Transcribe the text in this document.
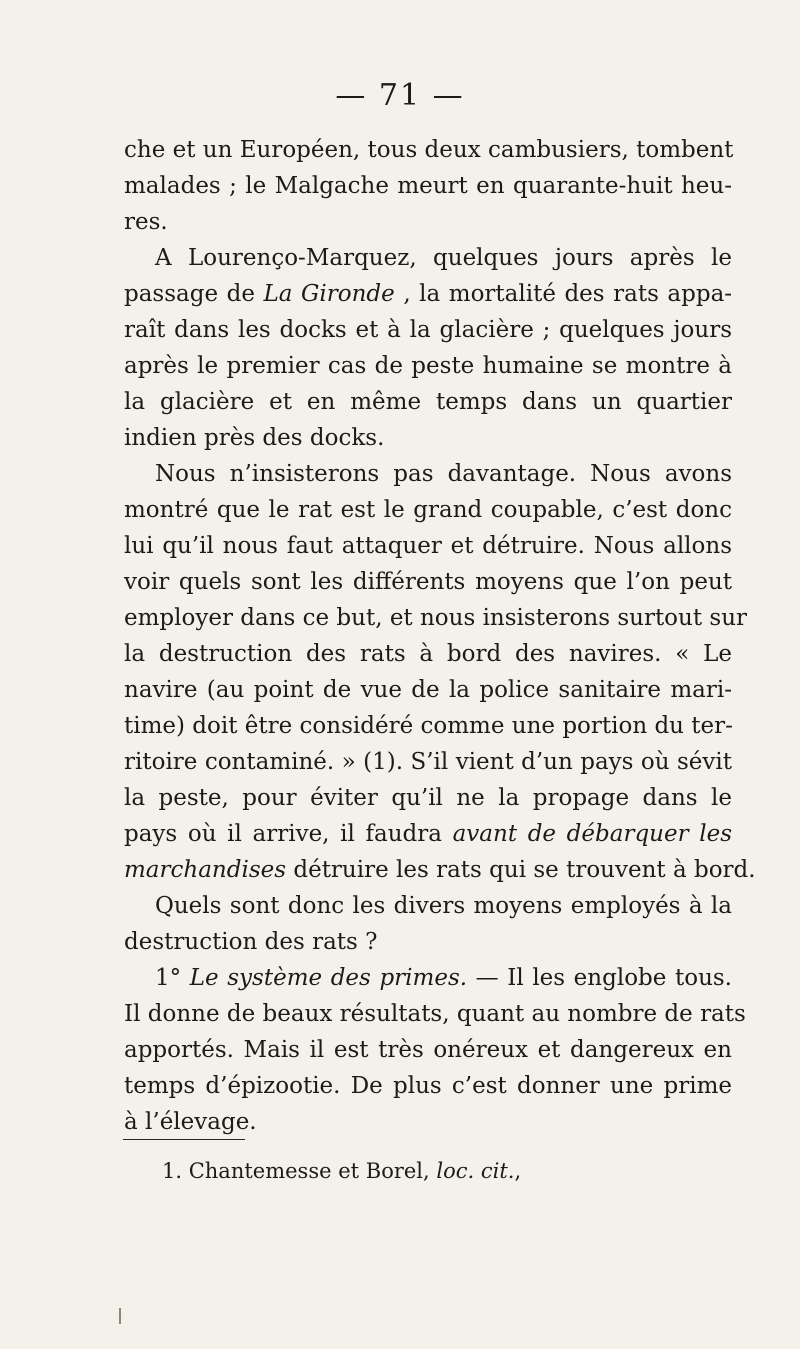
— 71 —
che et un Européen, tous deux cambusiers, tombent
malades ; le Malgache meurt en quarante-huit heu-
res.
A Lourenço-Marquez, quelques jours après le
passage de La Gironde , la mortalité des rats appa-
raît dans les docks et à la glacière ; quelques jours
après le premier cas de peste humaine se montre à
la glacière et en même temps dans un quartier
indien près des docks.
Nous n’insisterons pas davantage. Nous avons
montré que le rat est le grand coupable, c’est donc
lui qu’il nous faut attaquer et détruire. Nous allons
voir quels sont les différents moyens que l’on peut
employer dans ce but, et nous insisterons surtout sur
la destruction des rats à bord des navires. « Le
navire (au point de vue de la police sanitaire mari-
time) doit être considéré comme une portion du ter-
ritoire contaminé. » (1). S’il vient d’un pays où sévit
la peste, pour éviter qu’il ne la propage dans le
pays où il arrive, il faudra avant de débarquer les
marchandises détruire les rats qui se trouvent à bord.
Quels sont donc les divers moyens employés à la
destruction des rats ?
1° Le système des primes. — Il les englobe tous.
Il donne de beaux résultats, quant au nombre de rats
apportés. Mais il est très onéreux et dangereux en
temps d’épizootie. De plus c’est donner une prime
à l’élevage.
1. Chantemesse et Borel, loc. cit.,
